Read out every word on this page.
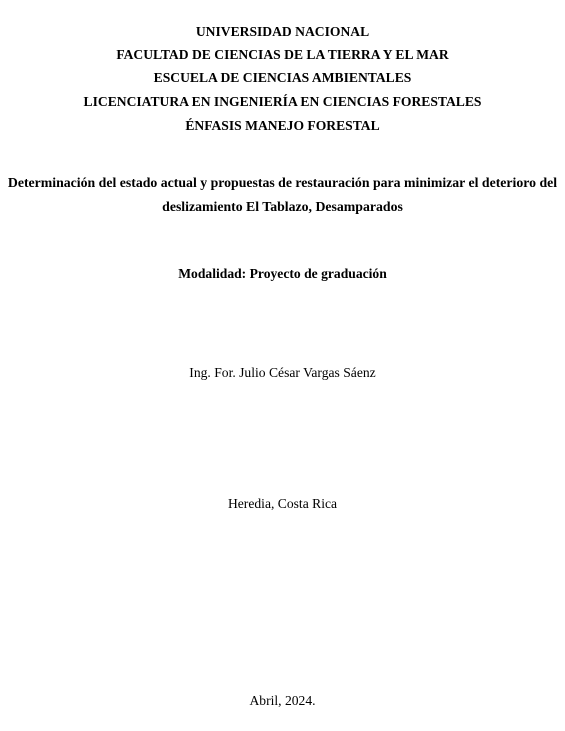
UNIVERSIDAD NACIONAL
FACULTAD DE CIENCIAS DE LA TIERRA Y EL MAR
ESCUELA DE CIENCIAS AMBIENTALES
LICENCIATURA EN INGENIERÍA EN CIENCIAS FORESTALES
ÉNFASIS MANEJO FORESTAL
Determinación del estado actual y propuestas de restauración para minimizar el deterioro del
deslizamiento El Tablazo, Desamparados
Modalidad: Proyecto de graduación
Ing. For. Julio César Vargas Sáenz
Heredia, Costa Rica
Abril, 2024.
